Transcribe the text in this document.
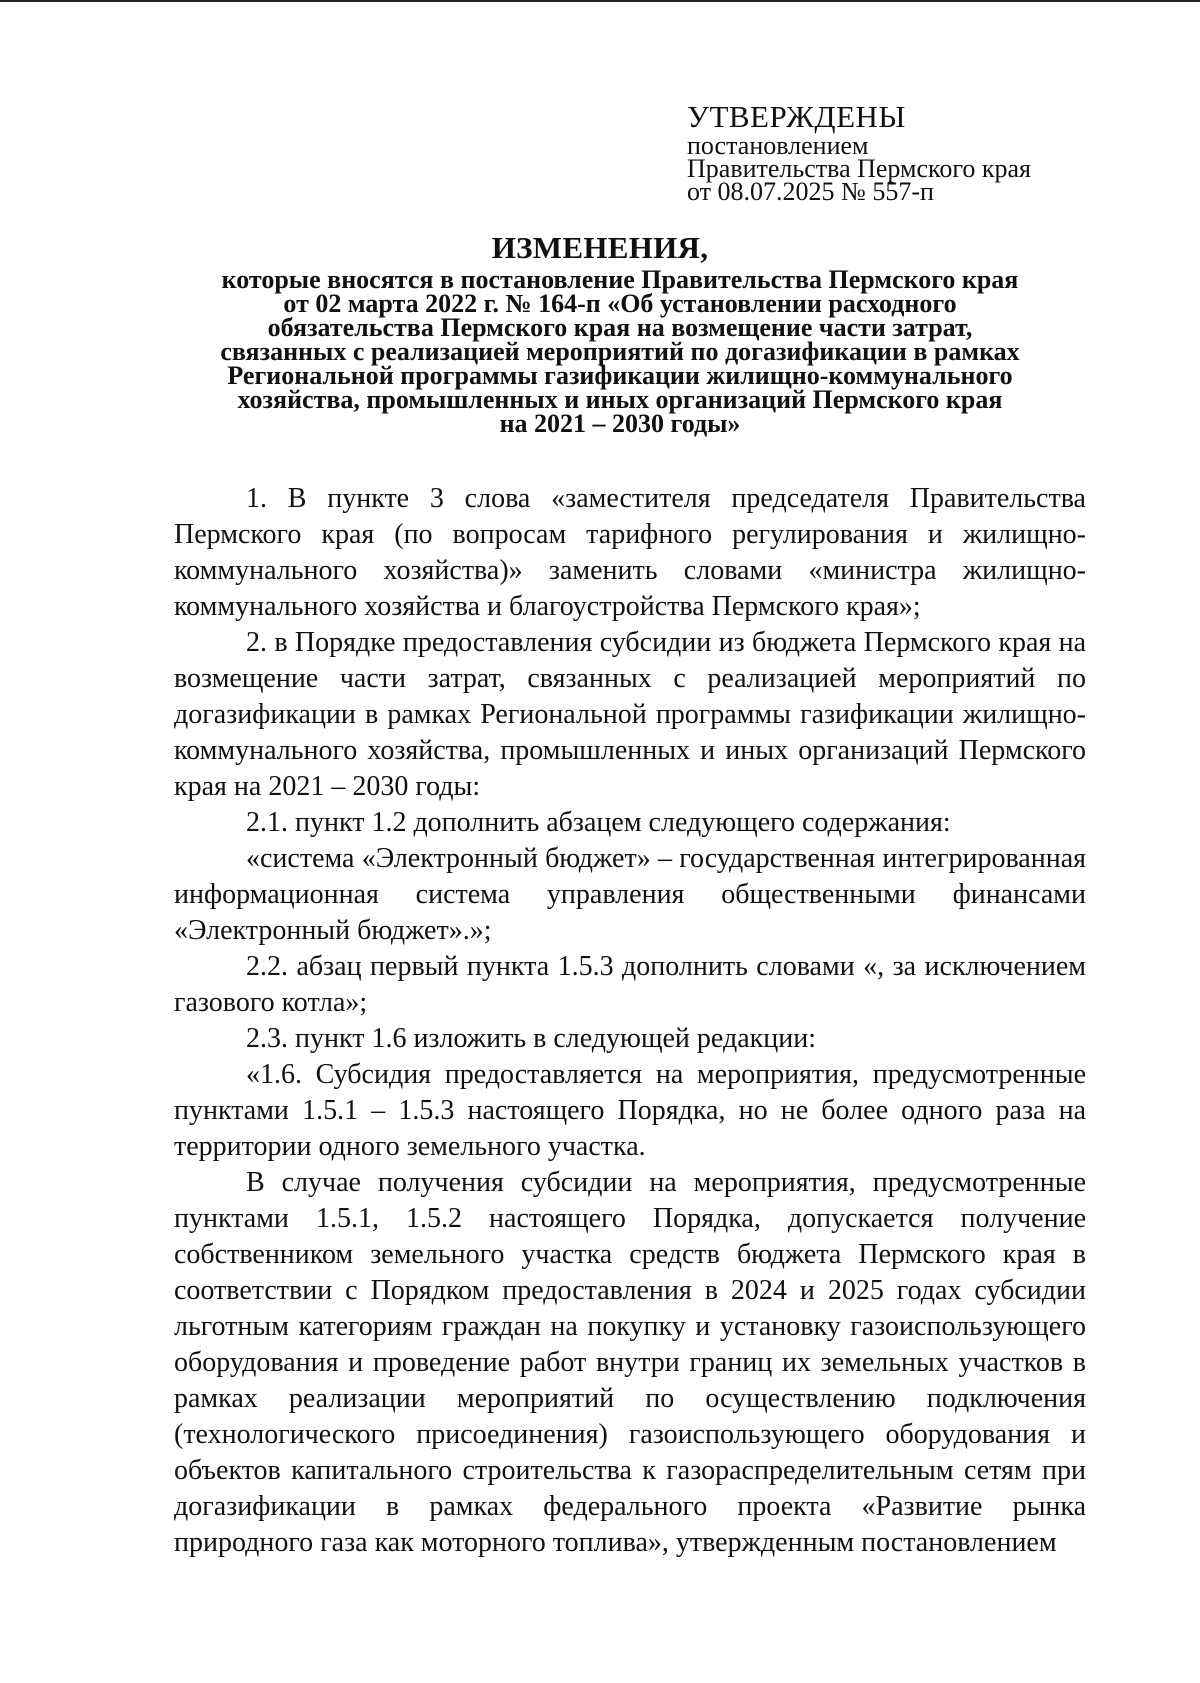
УТВЕРЖДЕНЫ
постановлением
Правительства Пермского края
от 08.07.2025 № 557-п
ИЗМЕНЕНИЯ,
которые вносятся в постановление Правительства Пермского края
от 02 марта 2022 г. № 164-п «Об установлении расходного
обязательства Пермского края на возмещение части затрат,
связанных с реализацией мероприятий по догазификации в рамках
Региональной программы газификации жилищно-коммунального
хозяйства, промышленных и иных организаций Пермского края
на 2021 – 2030 годы»

1. В пункте 3 слова «заместителя председателя Правительства Пермского края (по вопросам тарифного регулирования и жилищно-коммунального хозяйства)» заменить словами «министра жилищно-коммунального хозяйства и благоустройства Пермского края»;

2. в Порядке предоставления субсидии из бюджета Пермского края на возмещение части затрат, связанных с реализацией мероприятий по догазификации в рамках Региональной программы газификации жилищно-коммунального хозяйства, промышленных и иных организаций Пермского края на 2021 – 2030 годы:

2.1. пункт 1.2 дополнить абзацем следующего содержания:

«система «Электронный бюджет» – государственная интегрированная информационная система управления общественными финансами «Электронный бюджет».»;

2.2. абзац первый пункта 1.5.3 дополнить словами «, за исключением газового котла»;

2.3. пункт 1.6 изложить в следующей редакции:

«1.6. Субсидия предоставляется на мероприятия, предусмотренные пунктами 1.5.1 – 1.5.3 настоящего Порядка, но не более одного раза на территории одного земельного участка.

В случае получения субсидии на мероприятия, предусмотренные пунктами 1.5.1, 1.5.2 настоящего Порядка, допускается получение собственником земельного участка средств бюджета Пермского края в соответствии с Порядком предоставления в 2024 и 2025 годах субсидии льготным категориям граждан на покупку и установку газоиспользующего оборудования и проведение работ внутри границ их земельных участков в рамках реализации мероприятий по осуществлению подключения (технологического присоединения) газоиспользующего оборудования и объектов капитального строительства к газораспределительным сетям при догазификации в рамках федерального проекта «Развитие рынка природного газа как моторного топлива», утвержденным постановлением
